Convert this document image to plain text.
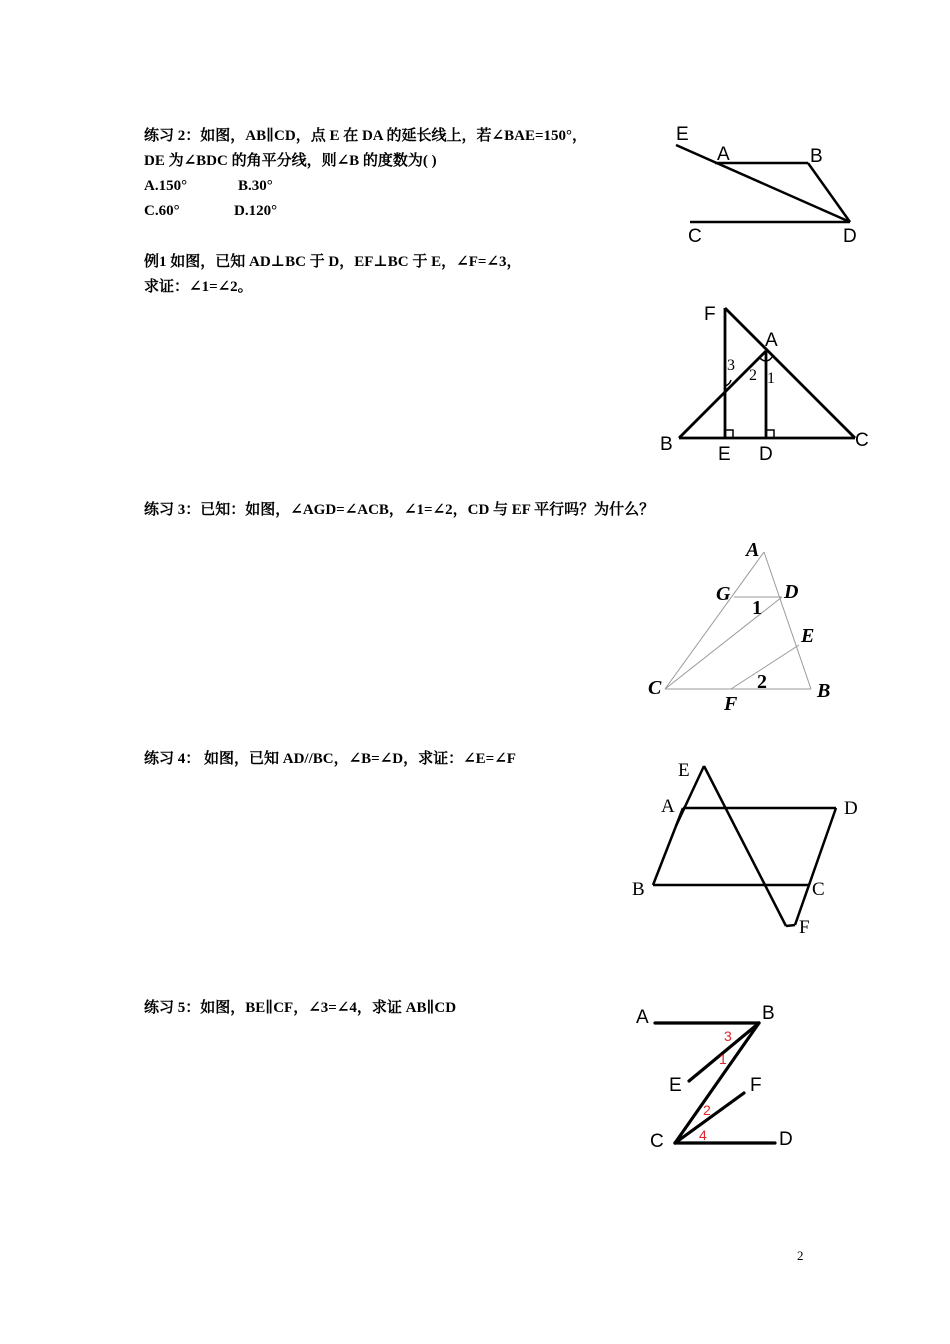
练习 2：如图，AB∥CD，点 E 在 DA 的延长线上，若∠BAE=150°，
DE 为∠BDC 的角平分线，则∠B 的度数为( )
A.150°	B.30°
C.60°	D.120°
E
A	B
C	D
例1 如图，已知 AD⊥BC 于 D，EF⊥BC 于 E，∠F=∠3，
求证：∠1=∠2。
F
A
B	C
E D
3
2 1
练习 3：已知：如图，∠AGD=∠ACB，∠1=∠2，CD 与 EF 平行吗？为什么？
A
G	D
E
C
F
B
1
2
练习 4： 如图，已知 AD//BC，∠B=∠D，求证：∠E=∠F
E
A	D
B	C
F
练习 5：如图，BE∥CF，∠3=∠4，求证 AB∥CD	A	B
E	F
C	D
3
1
2
4
2
